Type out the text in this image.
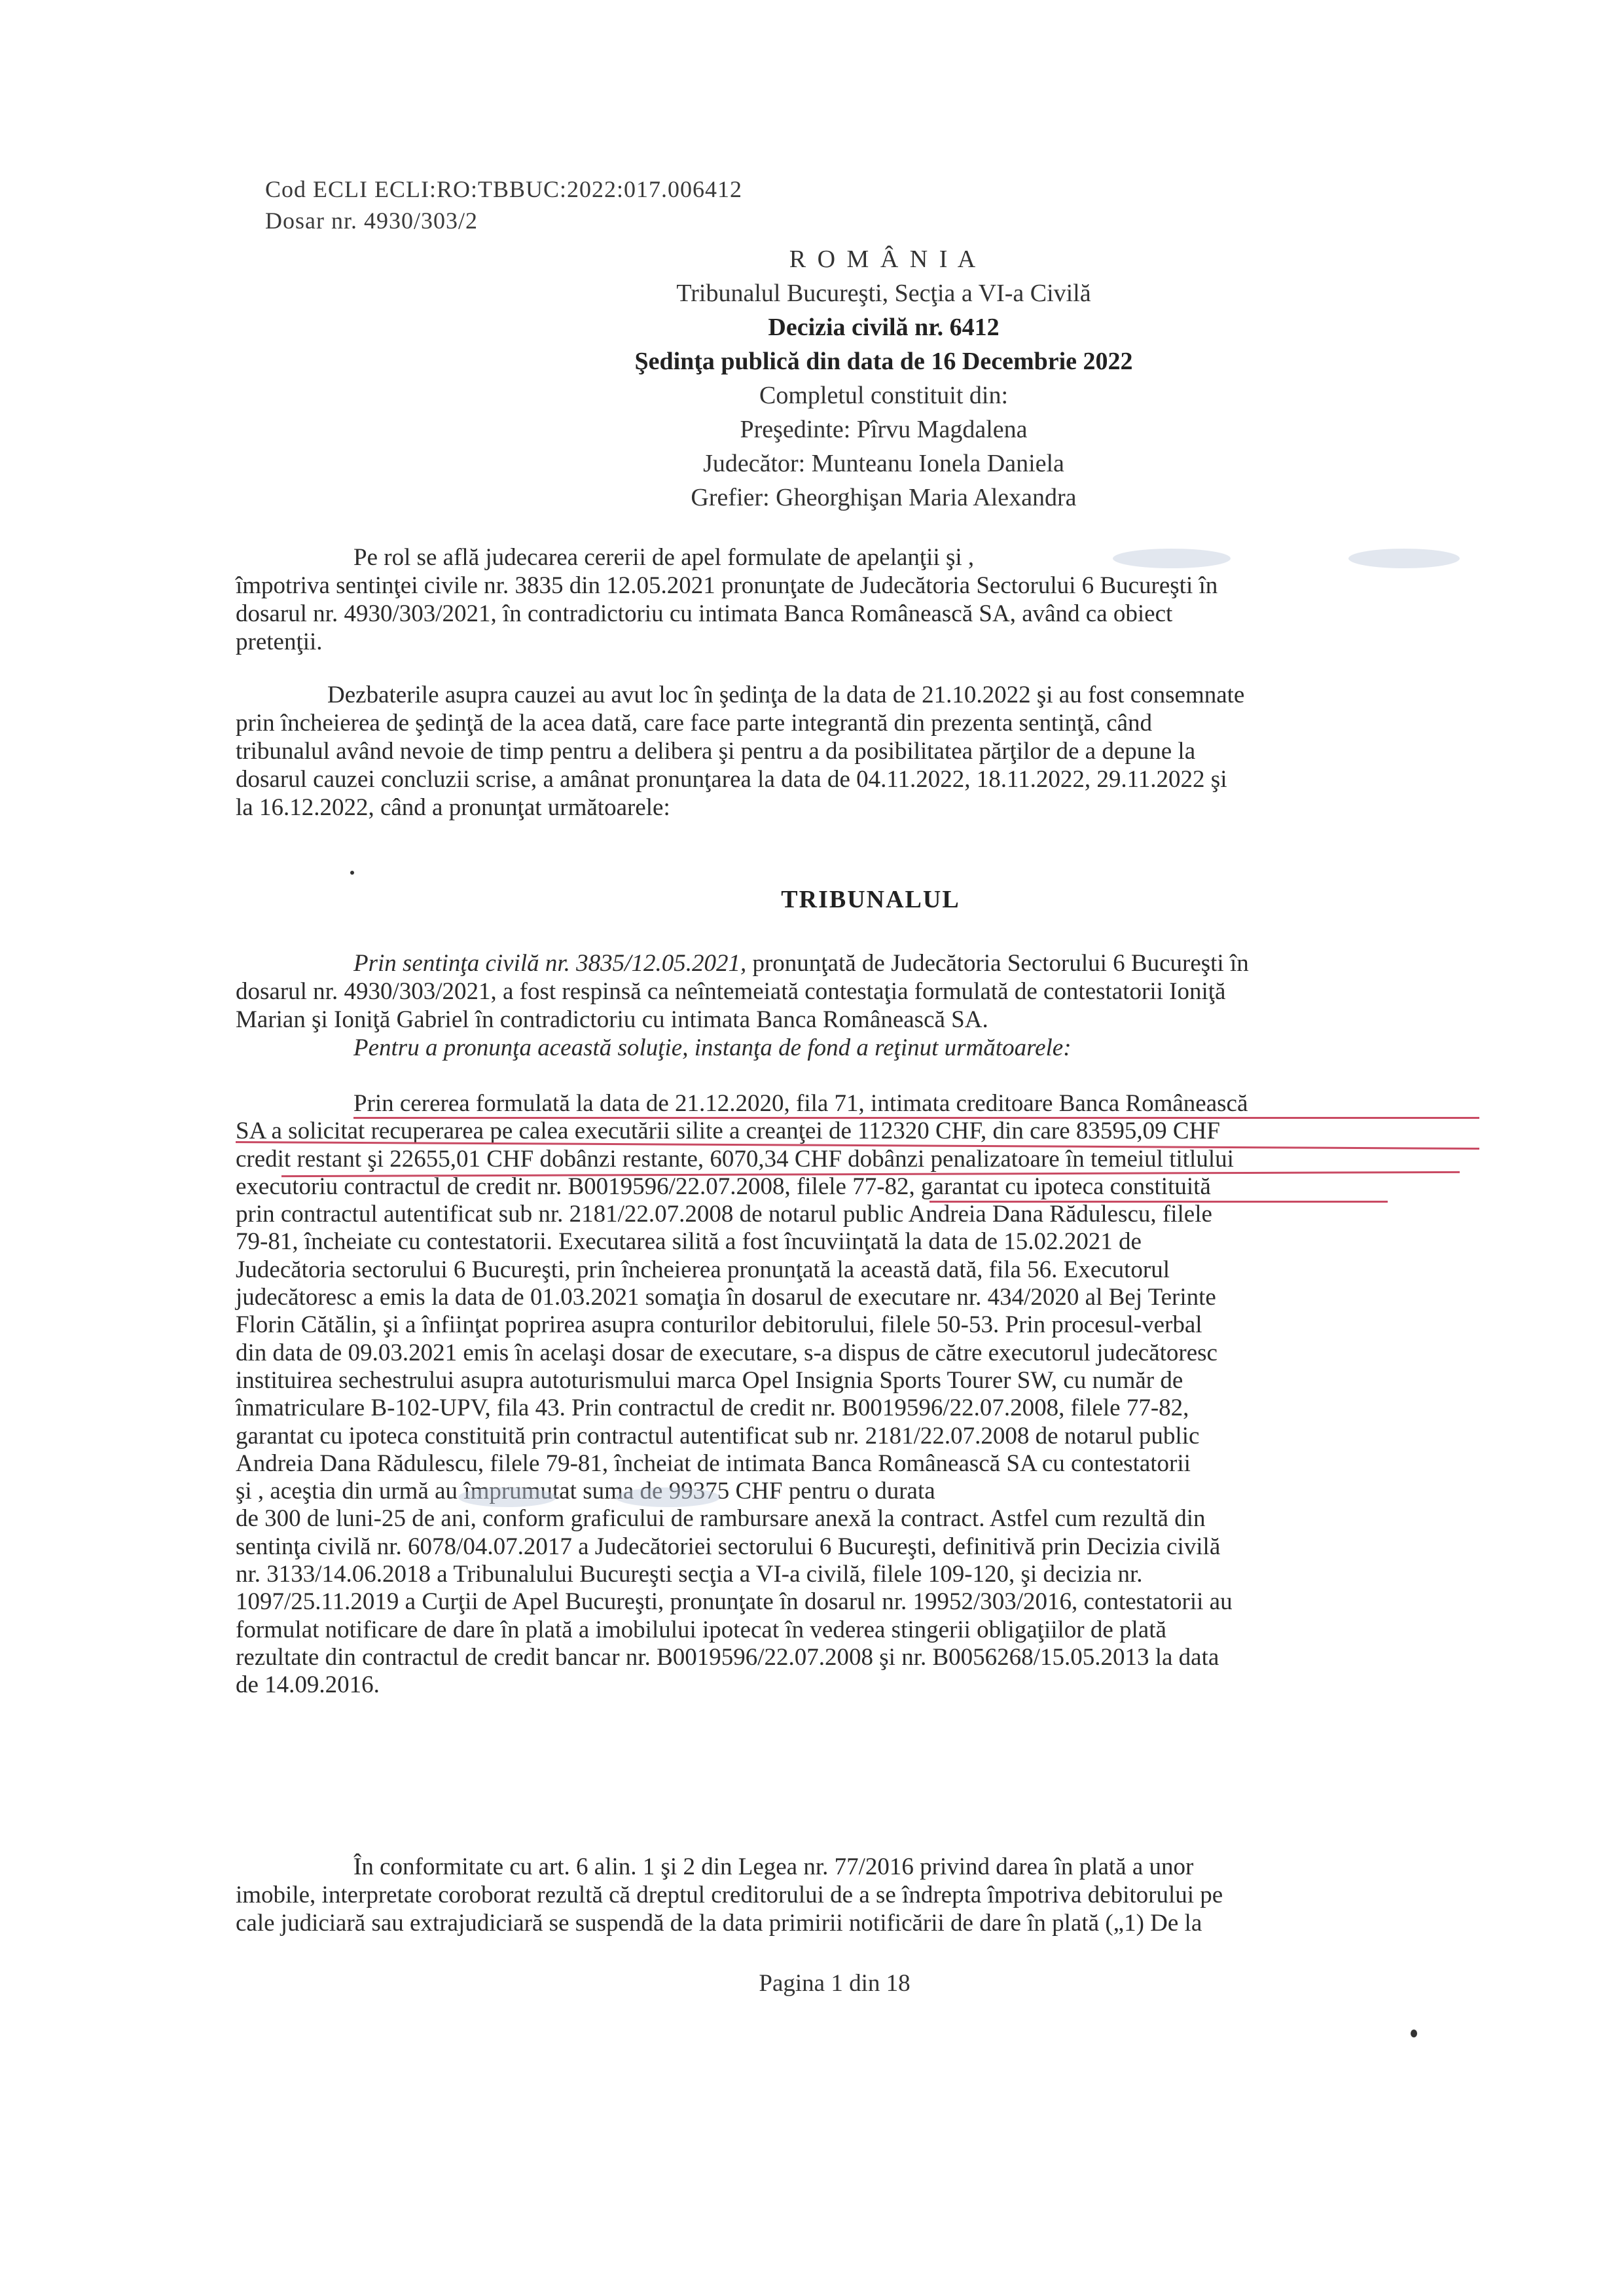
Cod ECLI ECLI:RO:TBBUC:2022:017.006412
Dosar nr. 4930/303/2
R O M Â N I A
Tribunalul Bucureşti, Secţia a VI-a Civilă
Decizia civilă nr. 6412
Şedinţa publică din data de 16 Decembrie 2022
Completul constituit din:
Preşedinte: Pîrvu Magdalena
Judecător: Munteanu Ionela Daniela
Grefier: Gheorghişan Maria Alexandra
Pe rol se află judecarea cererii de apel formulate de apelanţii şi ,
împotriva sentinţei civile nr. 3835 din 12.05.2021 pronunţate de Judecătoria Sectorului 6 Bucureşti în
dosarul nr. 4930/303/2021, în contradictoriu cu intimata Banca Românească SA, având ca obiect
pretenţii.
Dezbaterile asupra cauzei au avut loc în şedinţa de la data de 21.10.2022 şi au fost consemnate
prin încheierea de şedinţă de la acea dată, care face parte integrantă din prezenta sentinţă, când
tribunalul având nevoie de timp pentru a delibera şi pentru a da posibilitatea părţilor de a depune la
dosarul cauzei concluzii scrise, a amânat pronunţarea la data de 04.11.2022, 18.11.2022, 29.11.2022 şi
la 16.12.2022, când a pronunţat următoarele:
TRIBUNALUL
Prin sentinţa civilă nr. 3835/12.05.2021, pronunţată de Judecătoria Sectorului 6 Bucureşti în
dosarul nr. 4930/303/2021, a fost respinsă ca neîntemeiată contestaţia formulată de contestatorii Ioniţă
Marian şi Ioniţă Gabriel în contradictoriu cu intimata Banca Românească SA.
Pentru a pronunţa această soluţie, instanţa de fond a reţinut următoarele:
Prin cererea formulată la data de 21.12.2020, fila 71, intimata creditoare Banca Românească
SA a solicitat recuperarea pe calea executării silite a creanţei de 112320 CHF, din care 83595,09 CHF
credit restant şi 22655,01 CHF dobânzi restante, 6070,34 CHF dobânzi penalizatoare în temeiul titlului
executoriu contractul de credit nr. B0019596/22.07.2008, filele 77-82, garantat cu ipoteca constituită
prin contractul autentificat sub nr. 2181/22.07.2008 de notarul public Andreia Dana Rădulescu, filele
79-81, încheiate cu contestatorii. Executarea silită a fost încuviinţată la data de 15.02.2021 de
Judecătoria sectorului 6 Bucureşti, prin încheierea pronunţată la această dată, fila 56. Executorul
judecătoresc a emis la data de 01.03.2021 somaţia în dosarul de executare nr. 434/2020 al Bej Terinte
Florin Cătălin, şi a înfiinţat poprirea asupra conturilor debitorului, filele 50-53. Prin procesul-verbal
din data de 09.03.2021 emis în acelaşi dosar de executare, s-a dispus de către executorul judecătoresc
instituirea sechestrului asupra autoturismului marca Opel Insignia Sports Tourer SW, cu număr de
înmatriculare B-102-UPV, fila 43. Prin contractul de credit nr. B0019596/22.07.2008, filele 77-82,
garantat cu ipoteca constituită prin contractul autentificat sub nr. 2181/22.07.2008 de notarul public
Andreia Dana Rădulescu, filele 79-81, încheiat de intimata Banca Românească SA cu contestatorii
şi , aceştia din urmă au împrumutat suma de 99375 CHF pentru o durata
de 300 de luni-25 de ani, conform graficului de rambursare anexă la contract. Astfel cum rezultă din
sentinţa civilă nr. 6078/04.07.2017 a Judecătoriei sectorului 6 Bucureşti, definitivă prin Decizia civilă
nr. 3133/14.06.2018 a Tribunalului Bucureşti secţia a VI-a civilă, filele 109-120, şi decizia nr.
1097/25.11.2019 a Curţii de Apel Bucureşti, pronunţate în dosarul nr. 19952/303/2016, contestatorii au
formulat notificare de dare în plată a imobilului ipotecat în vederea stingerii obligaţiilor de plată
rezultate din contractul de credit bancar nr. B0019596/22.07.2008 şi nr. B0056268/15.05.2013 la data
de 14.09.2016.
În conformitate cu art. 6 alin. 1 şi 2 din Legea nr. 77/2016 privind darea în plată a unor
imobile, interpretate coroborat rezultă că dreptul creditorului de a se îndrepta împotriva debitorului pe
cale judiciară sau extrajudiciară se suspendă de la data primirii notificării de dare în plată („1) De la
Pagina 1 din 18
